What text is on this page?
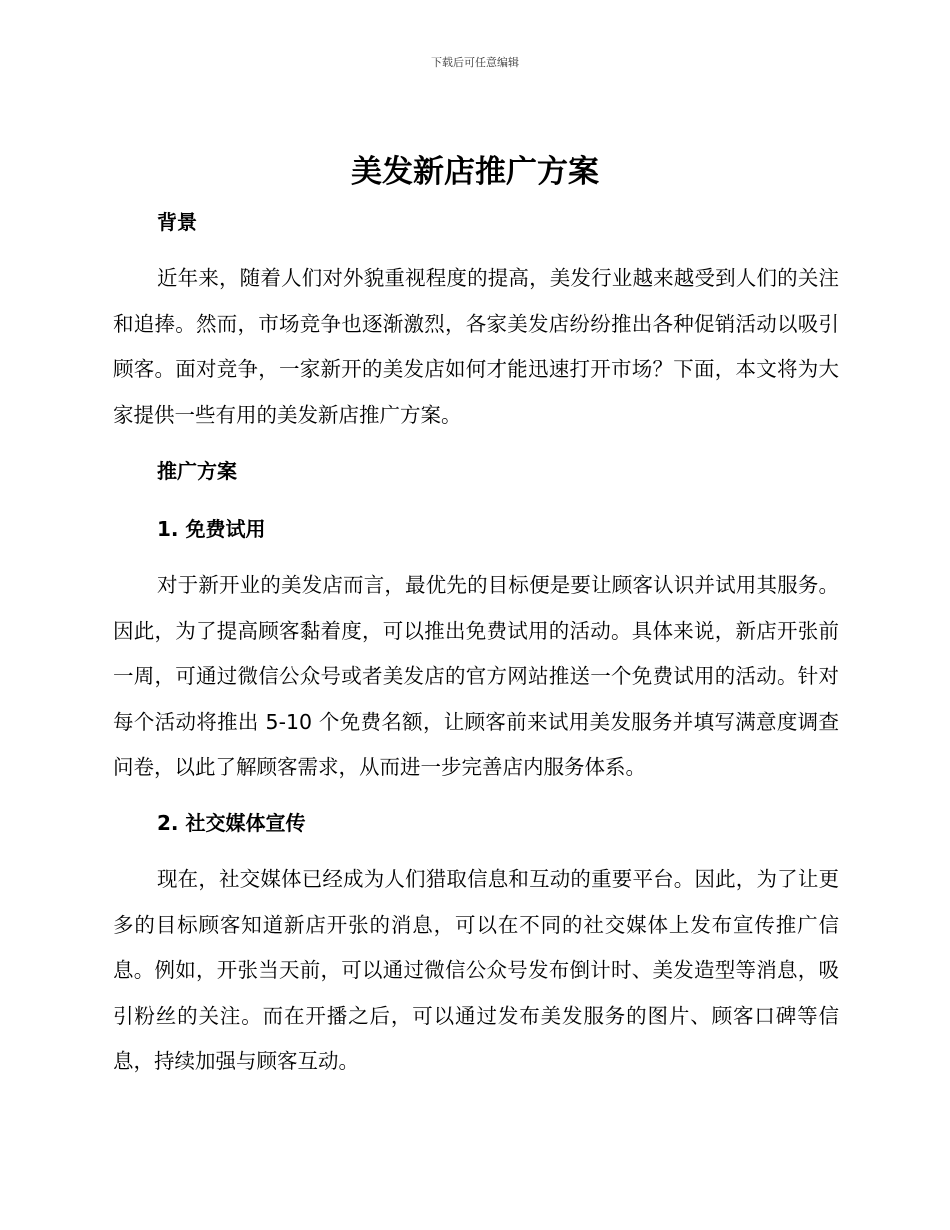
下载后可任意编辑
美发新店推广方案
背景

近年来，随着人们对外貌重视程度的提高，美发行业越来越受到人们的关注和追捧。然而，市场竞争也逐渐激烈，各家美发店纷纷推出各种促销活动以吸引顾客。面对竞争，一家新开的美发店如何才能迅速打开市场？下面，本文将为大家提供一些有用的美发新店推广方案。

推广方案
1. 免费试用

对于新开业的美发店而言，最优先的目标便是要让顾客认识并试用其服务。因此，为了提高顾客黏着度，可以推出免费试用的活动。具体来说，新店开张前一周，可通过微信公众号或者美发店的官方网站推送一个免费试用的活动。针对每个活动将推出 5-10 个免费名额，让顾客前来试用美发服务并填写满意度调查问卷，以此了解顾客需求，从而进一步完善店内服务体系。

2. 社交媒体宣传

现在，社交媒体已经成为人们猎取信息和互动的重要平台。因此，为了让更多的目标顾客知道新店开张的消息，可以在不同的社交媒体上发布宣传推广信息。例如，开张当天前，可以通过微信公众号发布倒计时、美发造型等消息，吸引粉丝的关注。而在开播之后，可以通过发布美发服务的图片、顾客口碑等信息，持续加强与顾客互动。
